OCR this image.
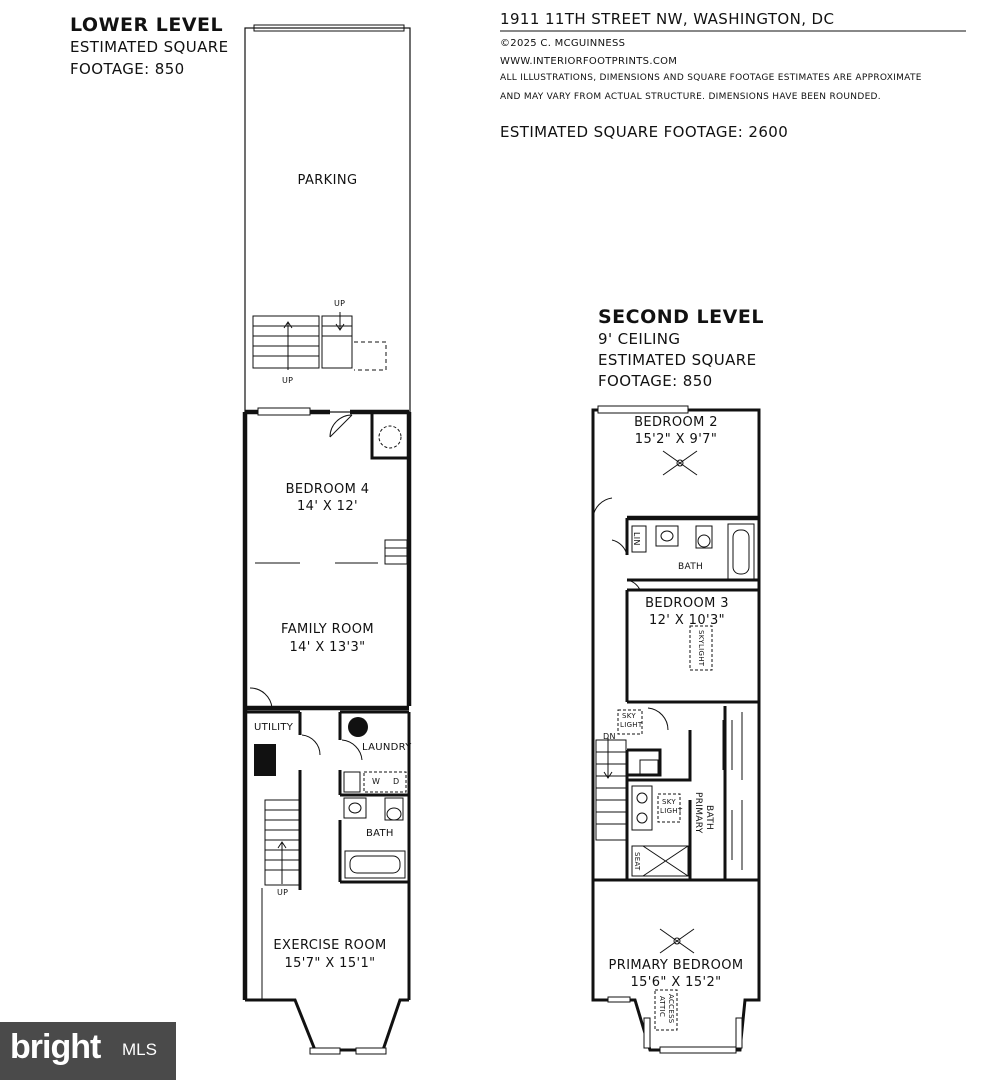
1911 11TH STREET NW, WASHINGTON, DC
©2025 C. MCGUINNESS
WWW.INTERIORFOOTPRINTS.COM
ALL ILLUSTRATIONS, DIMENSIONS AND SQUARE FOOTAGE ESTIMATES ARE APPROXIMATE
AND MAY VARY FROM ACTUAL STRUCTURE. DIMENSIONS HAVE BEEN ROUNDED.
ESTIMATED SQUARE FOOTAGE: 2600
LOWER LEVEL
ESTIMATED SQUARE
FOOTAGE: 850
PARKING
UP
UP
BEDROOM 4
14' X 12'
FAMILY ROOM
14' X 13'3"
UTILITY
LAUNDRY
W D
BATH
UP
EXERCISE ROOM
15'7" X 15'1"
SECOND LEVEL
9' CEILING
ESTIMATED SQUARE
FOOTAGE: 850
BEDROOM 2
15'2" X 9'7"
LIN
BATH
BEDROOM 3
12' X 10'3"
SKYLIGHT
SKY
LIGHT
DN
SKY
LIGHT
SEAT
PRIMARY BATH
PRIMARY BEDROOM
15'6" X 15'2"
ATTIC ACCESS
bright MLS
